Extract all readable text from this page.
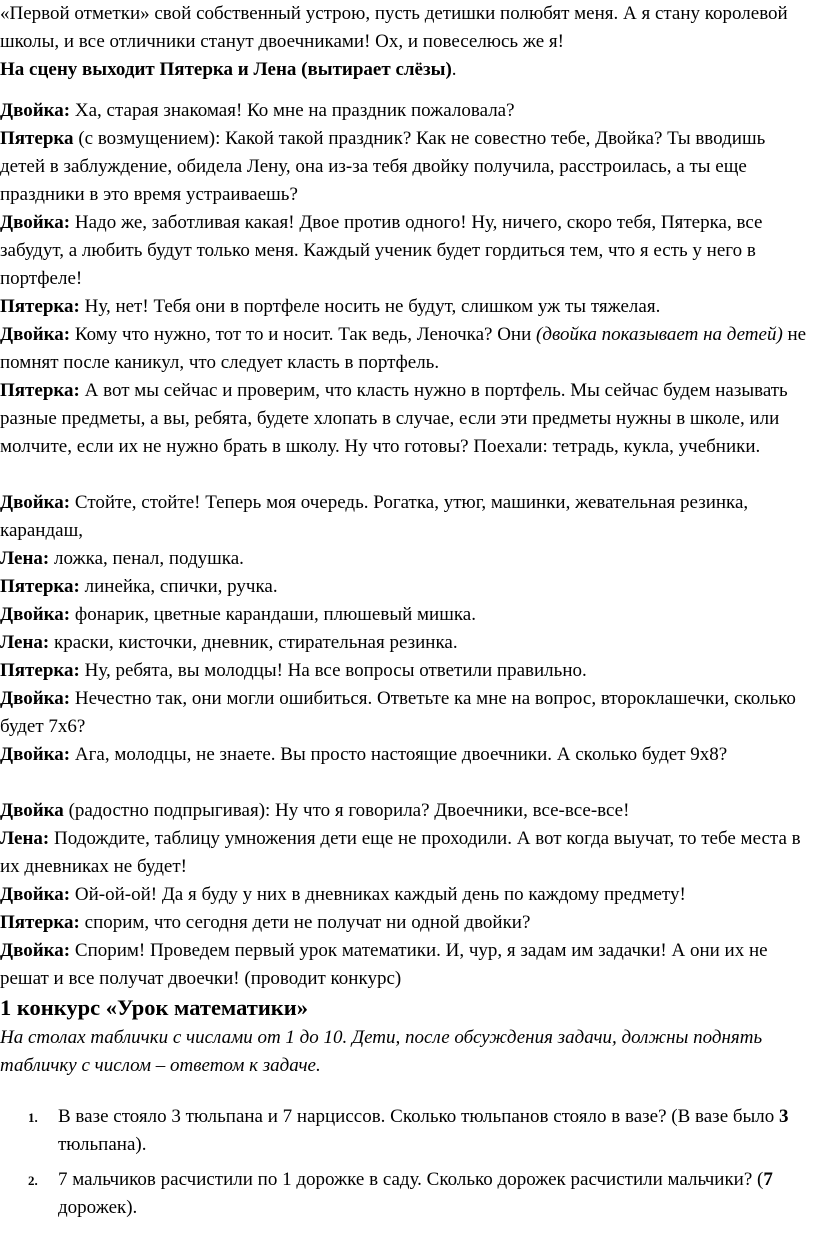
«Первой отметки» свой собственный устрою, пусть детишки полюбят меня. А я стану королевой школы, и все отличники станут двоечниками! Ох, и повеселюсь же я!
На сцену выходит Пятерка и Лена (вытирает слёзы).

Двойка: Ха, старая знакомая! Ко мне на праздник пожаловала?

Пятерка (с возмущением): Какой такой праздник? Как не совестно тебе, Двойка? Ты вводишь детей в заблуждение, обидела Лену, она из-за тебя двойку получила, расстроилась, а ты еще праздники в это время устраиваешь?

Двойка: Надо же, заботливая какая! Двое против одного! Ну, ничего, скоро тебя, Пятерка, все забудут, а любить будут только меня. Каждый ученик будет гордиться тем, что я есть у него в портфеле!

Пятерка: Ну, нет! Тебя они в портфеле носить не будут, слишком уж ты тяжелая.

Двойка: Кому что нужно, тот то и носит. Так ведь, Леночка? Они (двойка показывает на детей) не помнят после каникул, что следует класть в портфель.

Пятерка: А вот мы сейчас и проверим, что класть нужно в портфель. Мы сейчас будем называть разные предметы, а вы, ребята, будете хлопать в случае, если эти предметы нужны в школе, или молчите, если их не нужно брать в школу. Ну что готовы? Поехали: тетрадь, кукла, учебники.

Двойка: Стойте, стойте! Теперь моя очередь. Рогатка, утюг, машинки, жевательная резинка, карандаш,

Лена: ложка, пенал, подушка.

Пятерка: линейка, спички, ручка.

Двойка: фонарик, цветные карандаши, плюшевый мишка.

Лена: краски, кисточки, дневник, стирательная резинка.

Пятерка: Ну, ребята, вы молодцы! На все вопросы ответили правильно.

Двойка: Нечестно так, они могли ошибиться. Ответьте ка мне на вопрос, второклашечки, сколько будет 7х6?

Двойка: Ага, молодцы, не знаете. Вы просто настоящие двоечники. А сколько будет 9х8?

Двойка (радостно подпрыгивая): Ну что я говорила? Двоечники, все-все-все!

Лена: Подождите, таблицу умножения дети еще не проходили. А вот когда выучат, то тебе места в их дневниках не будет!

Двойка: Ой-ой-ой! Да я буду у них в дневниках каждый день по каждому предмету!

Пятерка: спорим, что сегодня дети не получат ни одной двойки?

Двойка: Спорим! Проведем первый урок математики. И, чур, я задам им задачки! А они их не решат и все получат двоечки! (проводит конкурс)

1 конкурс «Урок математики»

На столах таблички с числами от 1 до 10. Дети, после обсуждения задачи, должны поднять табличку с числом – ответом к задаче.

1. В вазе стояло 3 тюльпана и 7 нарциссов. Сколько тюльпанов стояло в вазе? (В вазе было 3 тюльпана).
2. 7 мальчиков расчистили по 1 дорожке в саду. Сколько дорожек расчистили мальчики? (7 дорожек).
